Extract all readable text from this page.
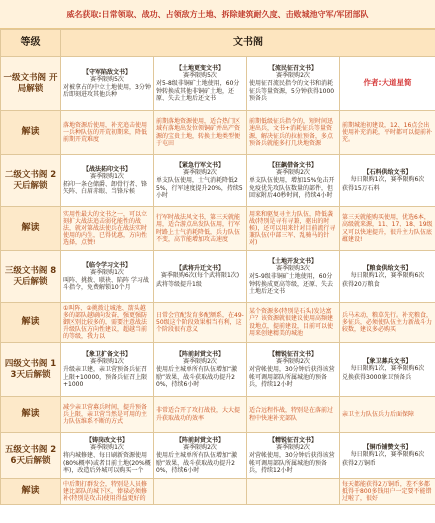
威名获取:日常领取、战功、占领敌方土地、拆除建筑耐久度、击败城池守军/军团部队
等级	文书阁			
一级文书阁 开局解锁	【守军陷敌文书】
赛季限购5次
对被拿占的中立土地使用，3分钟后即刻进攻其他兵种	【土地更变文书】
赛季限购5次
对5-8级非铜矿土地使用，60分钟转换成其他非铜矿土地，还原、失去土地后还文书	【流民征召文书】
赛季限购2次
使用征召流民指令的文书和消耗征兵等量资源，5分钟获得1000预备兵	作者:大道星简

解读	落地资源后使用，补充追击使用一兵种队伍的开荒初期来，降低前期开荒难度	前期落地资源使用，适合热门区域有落地出发位领铜矿并出产资源的宝贵土地，转换土地类型便于屯田	前期低级征兵指令的，短时间迅速出兵，文书+消耗征兵等量资源，解决征兵的拉扯预备，多点预备兵就能多打几块地资源	前期城池初建设，12、16点会出使用补充消耗，平时都可以提前补充。
二级文书阁 2天后解锁	【战法拓印文书】
赛季限购1次
拓印一条仓储爵、卸骨行者、锋矢阵、白眉赤眼、当锋斥候	【紧急行军文书】
赛季限购2次
单支队伍使用，士气消耗降低25%，行军速度提升20%，持续5小时	【狂飙借备文书】
赛季限购2次
单支队伍使用，增加15%兔击开免疫优先攻队伍数量的部件，但回家附后40秒时间，持续4小时	【石料供给文书】
每日限购1次，赛季限购6次
获得15万石料

解读	实用性最大的文书之一，可以立刻扩大战法追击弱化能性的战法，就对第战法使兵在战法实时使用的内生，已得优惠，方向性选择，点赞!	行军时战法风文书，第三天就能用，适合游点出发队伍用，行军时路上士气消耗降低，兵力队伍不变，高节能增加攻击速度	用来和驱复寻主力队伍，降低袭战(特别是寻有寻兼，驱出的时候)，还可以用来针对目前流行寻兼队伍(中部三军、乱骑马的针对)	第三天就能购买使用，优选6本，高级就来源，11、17、18、19级又可以快速提升，很升主力队伍底蕴建设!
三级文书阁 8天后解锁	【临令学习文书】
赛季限购1次
叫阵、挑拨、联袂、陷阵 学习战斗指令，免费解锁10个月	【武将升迁文书】
赛季限购6次(每个武将限1次)
武将等级提升1级	【土地开发文书】
赛季限购3次
对5-9级非铜矿土地使用，60分钟转换成更高等级，还原、失去土地后还文书	【粮食供给文书】
每日限购1次，赛季限购6次
获得20万粮食

解读	①叫阵、②挑拨让城池、箭头越多的部队越刷向发奋，强更强防御区别比较多的，需要注意战法升级队伍方向性建议，超越当前的等级，我力以	日常会宜配发育多配额系，在49-50级这个阶段效果相当有利，这个阶段很有意义	某个资源多(特别是石头)发达富户？该资源就很建议使用高频建设地点，提前建设，目前可以使用来创建精美的城池	兵马未动，粮草先行。补充粮食，多征兵，必须使队伍主力新战斗力较数，建议多必购买
四级文书阁 13天后解锁	【象卫扩备文书】
赛季限购1次
升级亲卫建，亲卫营预备兵征召上限+10000，预备兵征召上限+1000	【阵前封赏文书】
赛季限购2次
使用后主城单所有队伍增加“激励”效果，战斗获取战功提升20%，持续6小时	【精锐征召文书】
赛季限购2次
对营帐使用，30分钟后获得该营帐可调用部队所属城池的预备兵，持续12小时	【象卫募兵文书】
每日限购1次，赛季限购6次
兑换获得3000象卫预备兵

解读	减少亲卫营募兵时间，提升预备兵上限，亲卫营当然是可用的主力队伍维系不断的方式	非常适合开了攻打战役，大大提升获取战功的效率	适合远程作战，特别是在落前过程中快速补充部队	亲卫主力队伍兵力后面保障
五级文书阁 26天后解锁	【铸岗改文书】
赛季限购1次
将内城修建、每日刷新资源使用(80%概率)或者目前土地(20%概率)，改造后外城可以购买一个	【阵前封赏文书】
赛季限购2次
使用后主城单所有队伍增加“激励”效果，战斗获取战功提升20%，持续6小时	【精锐征召文书】
赛季限购2次
对营帐使用，30分钟后获得该营帐可调用部队所属城池的预备兵，持续12小时	【铜币铺赞文书】
每日限购1次，赛季限购6次
获得2万铜币

解读	中后期打群发会，特别是人员修建比部队的城下区，俸禄必须修补(特别是攻击)使用得益更好的			每天都能获得2万铜币，差不多都抵得千800多钱用户一定要不能错过啦了，很好
